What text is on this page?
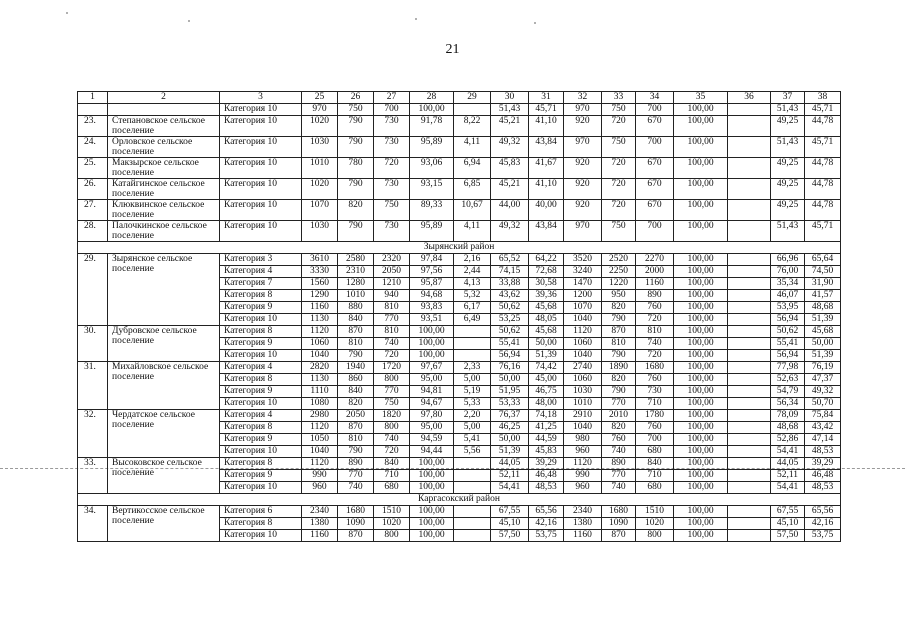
21
1	2	3	25	26	27	28	29	30	31	32	33	34	35	36	37	38
		Категория 10	970	750	700	100,00		51,43	45,71	970	750	700	100,00		51,43	45,71
23.	Степановское сельское поселение	Категория 10	1020	790	730	91,78	8,22	45,21	41,10	920	720	670	100,00		49,25	44,78
24.	Орловское сельское поселение	Категория 10	1030	790	730	95,89	4,11	49,32	43,84	970	750	700	100,00		51,43	45,71
25.	Макзырское сельское поселение	Категория 10	1010	780	720	93,06	6,94	45,83	41,67	920	720	670	100,00		49,25	44,78
26.	Катайгинское сельское поселение	Категория 10	1020	790	730	93,15	6,85	45,21	41,10	920	720	670	100,00		49,25	44,78
27.	Клюквинское сельское поселение	Категория 10	1070	820	750	89,33	10,67	44,00	40,00	920	720	670	100,00		49,25	44,78
28.	Палочкинское сельское поселение	Категория 10	1030	790	730	95,89	4,11	49,32	43,84	970	750	700	100,00		51,43	45,71
Зырянский район																
29.	Зырянское сельское поселение	Категория 3	3610	2580	2320	97,84	2,16	65,52	64,22	3520	2520	2270	100,00		66,96	65,64
		Категория 4	3330	2310	2050	97,56	2,44	74,15	72,68	3240	2250	2000	100,00		76,00	74,50
		Категория 7	1560	1280	1210	95,87	4,13	33,88	30,58	1470	1220	1160	100,00		35,34	31,90
		Категория 8	1290	1010	940	94,68	5,32	43,62	39,36	1200	950	890	100,00		46,07	41,57
		Категория 9	1160	880	810	93,83	6,17	50,62	45,68	1070	820	760	100,00		53,95	48,68
		Категория 10	1130	840	770	93,51	6,49	53,25	48,05	1040	790	720	100,00		56,94	51,39
30.	Дубровское сельское поселение	Категория 8	1120	870	810	100,00		50,62	45,68	1120	870	810	100,00		50,62	45,68
		Категория 9	1060	810	740	100,00		55,41	50,00	1060	810	740	100,00		55,41	50,00
		Категория 10	1040	790	720	100,00		56,94	51,39	1040	790	720	100,00		56,94	51,39
31.	Михайловское сельское поселение	Категория 4	2820	1940	1720	97,67	2,33	76,16	74,42	2740	1890	1680	100,00		77,98	76,19
		Категория 8	1130	860	800	95,00	5,00	50,00	45,00	1060	820	760	100,00		52,63	47,37
		Категория 9	1110	840	770	94,81	5,19	51,95	46,75	1030	790	730	100,00		54,79	49,32
		Категория 10	1080	820	750	94,67	5,33	53,33	48,00	1010	770	710	100,00		56,34	50,70
32.	Чердатское сельское поселение	Категория 4	2980	2050	1820	97,80	2,20	76,37	74,18	2910	2010	1780	100,00		78,09	75,84
		Категория 8	1120	870	800	95,00	5,00	46,25	41,25	1040	820	760	100,00		48,68	43,42
		Категория 9	1050	810	740	94,59	5,41	50,00	44,59	980	760	700	100,00		52,86	47,14
		Категория 10	1040	790	720	94,44	5,56	51,39	45,83	960	740	680	100,00		54,41	48,53
33.	Высоковское сельское поселение	Категория 8	1120	890	840	100,00		44,05	39,29	1120	890	840	100,00		44,05	39,29
		Категория 9	990	770	710	100,00		52,11	46,48	990	770	710	100,00		52,11	46,48
		Категория 10	960	740	680	100,00		54,41	48,53	960	740	680	100,00		54,41	48,53
Каргасокский район																
34.	Вертикосское сельское поселение	Категория 6	2340	1680	1510	100,00		67,55	65,56	2340	1680	1510	100,00		67,55	65,56
		Категория 8	1380	1090	1020	100,00		45,10	42,16	1380	1090	1020	100,00		45,10	42,16
		Категория 10	1160	870	800	100,00		57,50	53,75	1160	870	800	100,00		57,50	53,75
